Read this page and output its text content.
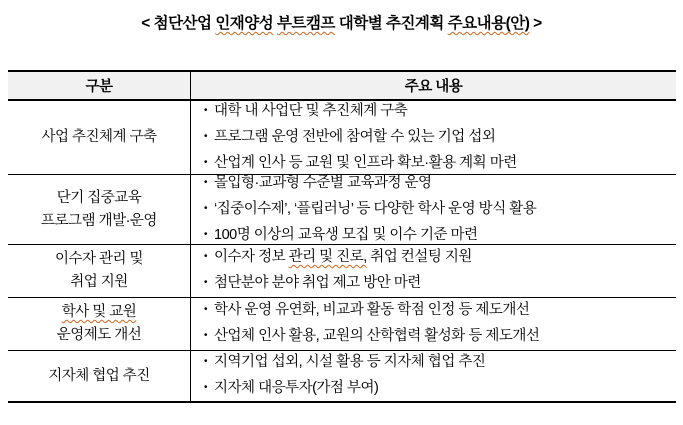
< 첨단산업 인재양성 부트캠프 대학별 추진계획 주요내용(안) >
구분	주요 내용
사업 추진체계 구축
• 대학 내 사업단 및 추진체계 구축
• 프로그램 운영 전반에 참여할 수 있는 기업 섭외
• 산업계 인사 등 교원 및 인프라 확보·활용 계획 마련
단기 집중교육
프로그램 개발·운영
• 몰입형·교과형 수준별 교육과정 운영
• ‘집중이수제’, ‘플립러닝’ 등 다양한 학사 운영 방식 활용
• 100명 이상의 교육생 모집 및 이수 기준 마련
이수자 관리 및
취업 지원
• 이수자 정보 관리 및 진로, 취업 컨설팅 지원
• 첨단분야 분야 취업 제고 방안 마련
학사 및 교원
운영제도 개선
• 학사 운영 유연화, 비교과 활동 학점 인정 등 제도개선
• 산업체 인사 활용, 교원의 산학협력 활성화 등 제도개선
지자체 협업 추진
• 지역기업 섭외, 시설 활용 등 지자체 협업 추진
• 지자체 대응투자(가점 부여)
